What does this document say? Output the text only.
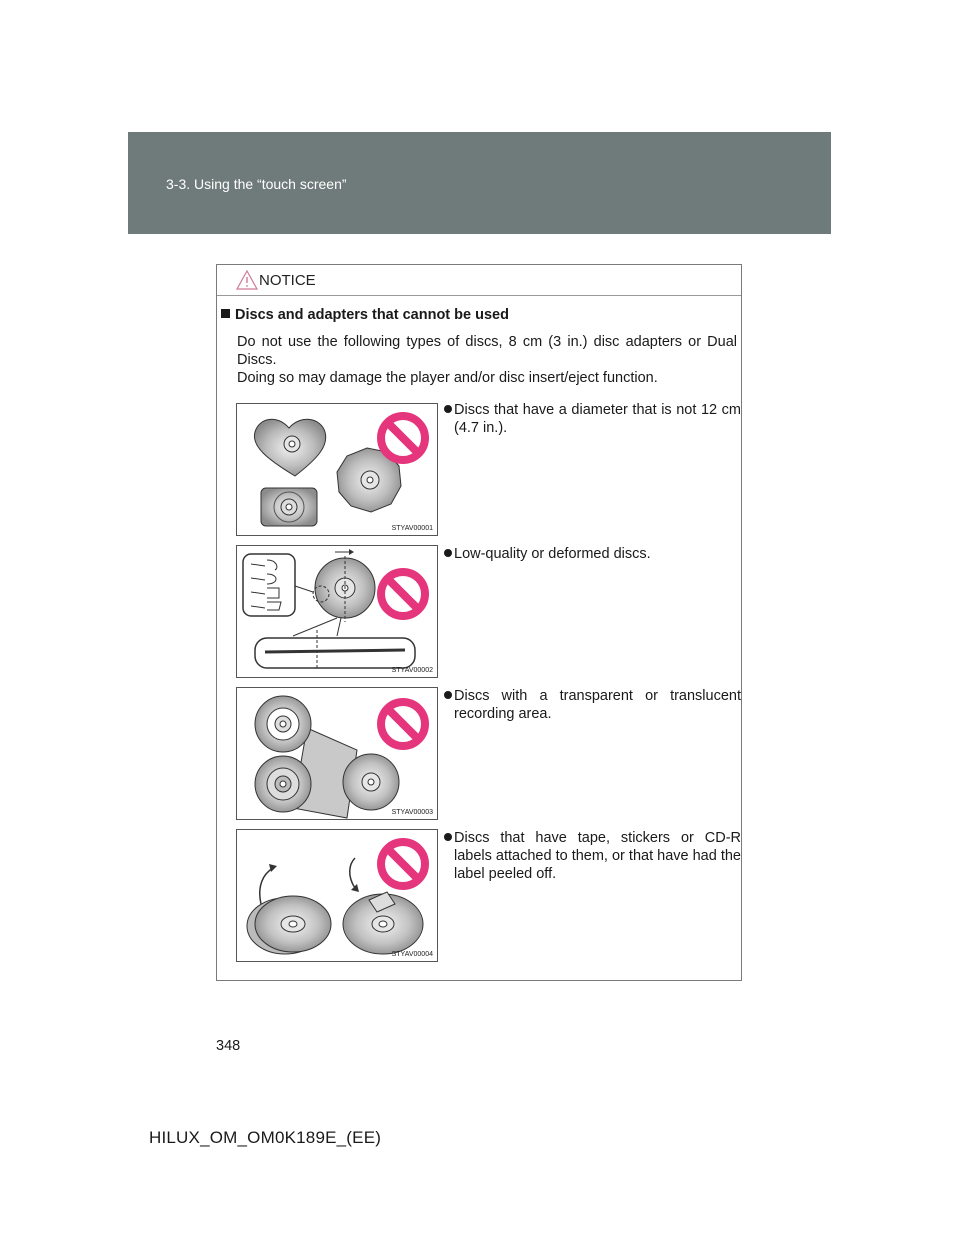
3-3. Using the “touch screen”
NOTICE
Discs and adapters that cannot be used
Do not use the following types of discs, 8 cm (3 in.) disc adapters or Dual Discs.
Doing so may damage the player and/or disc insert/eject function.
STYAV00001
Discs that have a diameter that is not 12 cm (4.7 in.).
STYAV00002
Low-quality or deformed discs.
STYAV00003
Discs with a transparent or translucent recording area.
STYAV00004
Discs that have tape, stickers or CD-R labels attached to them, or that have had the label peeled off.
348
HILUX_OM_OM0K189E_(EE)
